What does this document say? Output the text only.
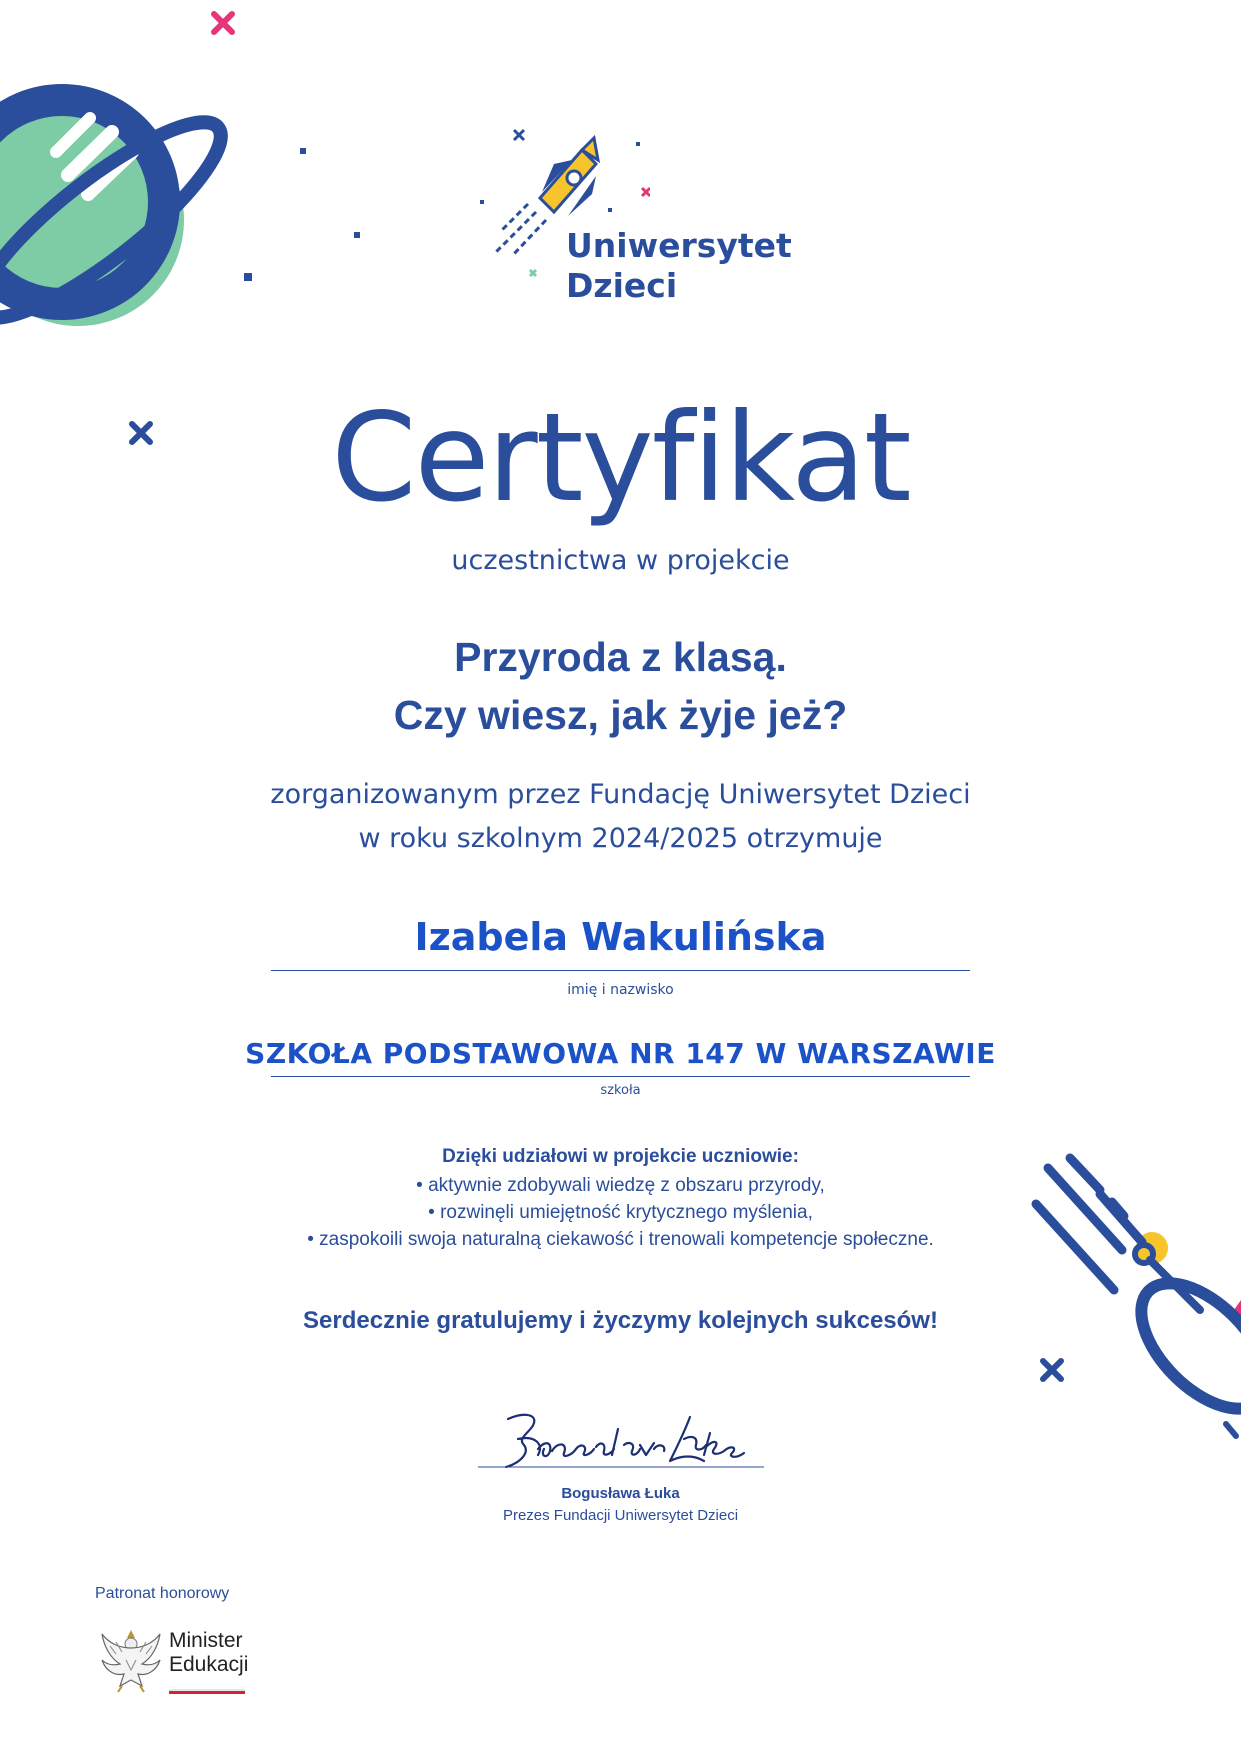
Uniwersytet
Dzieci
Certyfikat
uczestnictwa w projekcie
Przyroda z klasą.
Czy wiesz, jak żyje jeż?
zorganizowanym przez Fundację Uniwersytet Dzieci
w roku szkolnym 2024/2025 otrzymuje
Izabela Wakulińska
imię i nazwisko
SZKOŁA PODSTAWOWA NR 147 W WARSZAWIE
szkoła
Dzięki udziałowi w projekcie uczniowie:
• aktywnie zdobywali wiedzę z obszaru przyrody,
• rozwinęli umiejętność krytycznego myślenia,
• zaspokoili swoja naturalną ciekawość i trenowali kompetencje społeczne.
Serdecznie gratulujemy i życzymy kolejnych sukcesów!
Bogusława Łuka
Prezes Fundacji Uniwersytet Dzieci
Patronat honorowy
Minister
Edukacji
